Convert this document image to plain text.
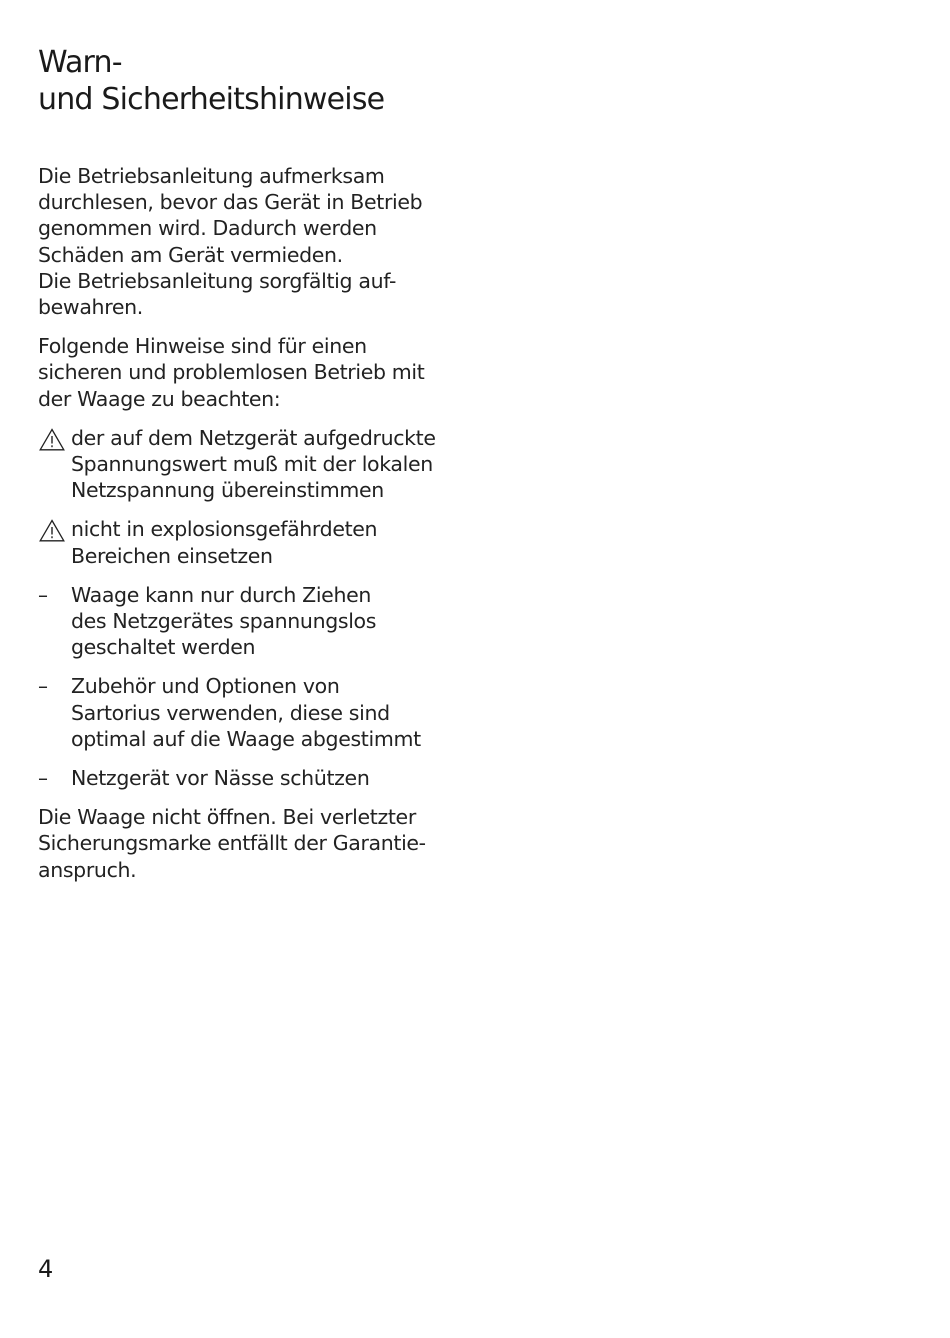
Warn-
und Sicherheitshinweise

Die Betriebsanleitung aufmerksam
durchlesen, bevor das Gerät in Betrieb
genommen wird. Dadurch werden
Schäden am Gerät vermieden.
Die Betriebsanleitung sorgfältig auf-
bewahren.

Folgende Hinweise sind für einen
sicheren und problemlosen Betrieb mit
der Waage zu beachten:

der auf dem Netzgerät aufgedruckte
Spannungswert muß mit der lokalen
Netzspannung übereinstimmen
nicht in explosionsgefährdeten
Bereichen einsetzen
– Waage kann nur durch Ziehen
des Netzgerätes spannungslos
geschaltet werden
– Zubehör und Optionen von
Sartorius verwenden, diese sind
optimal auf die Waage abgestimmt
– Netzgerät vor Nässe schützen

Die Waage nicht öffnen. Bei verletzter
Sicherungsmarke entfällt der Garantie-
anspruch.

4
